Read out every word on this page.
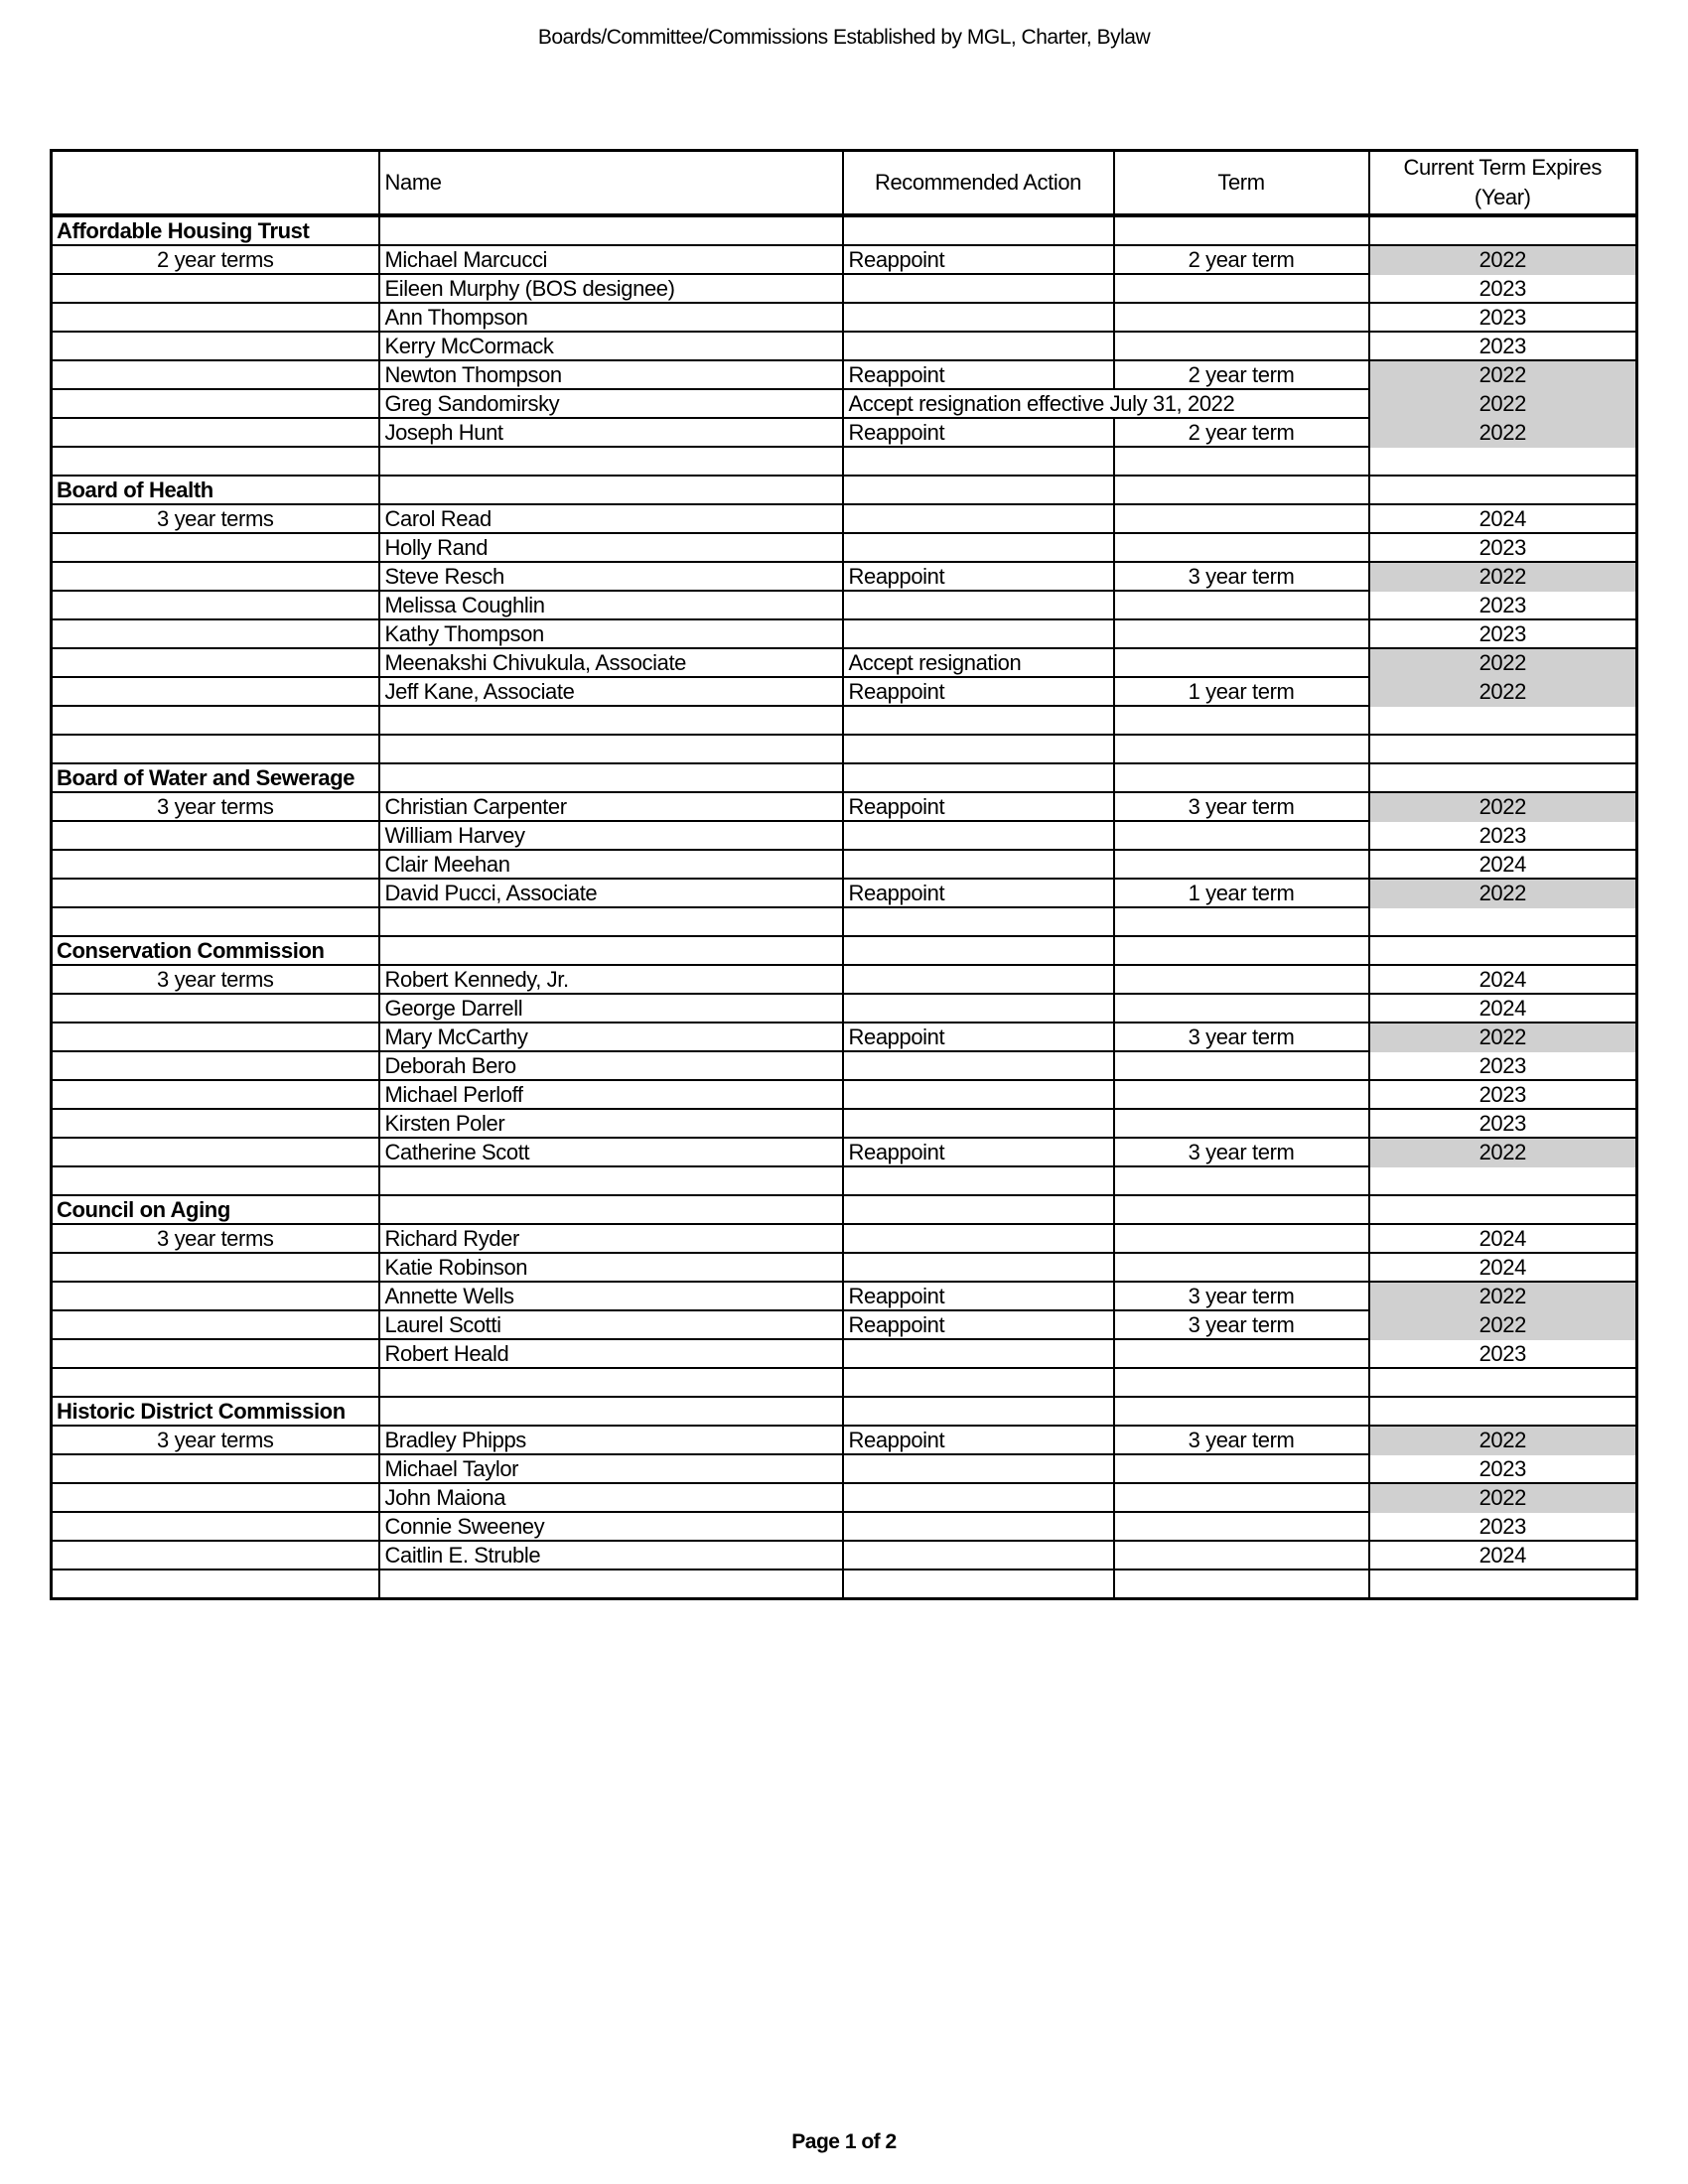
Boards/Committee/Commissions Established by MGL, Charter, Bylaw
	Name	Recommended Action	Term	Current Term Expires (Year)
Affordable Housing Trust				
2 year terms	Michael Marcucci	Reappoint	2 year term	2022
	Eileen Murphy (BOS designee)			2023
	Ann Thompson			2023
	Kerry McCormack			2023
	Newton Thompson	Reappoint	2 year term	2022
	Greg Sandomirsky	Accept resignation effective July 31, 2022		2022
	Joseph Hunt	Reappoint	2 year term	2022

Board of Health				
3 year terms	Carol Read			2024
	Holly Rand			2023
	Steve Resch	Reappoint	3 year term	2022
	Melissa Coughlin			2023
	Kathy Thompson			2023
	Meenakshi Chivukula, Associate	Accept resignation		2022
	Jeff Kane, Associate	Reappoint	1 year term	2022

Board of Water and Sewerage				
3 year terms	Christian Carpenter	Reappoint	3 year term	2022
	William Harvey			2023
	Clair Meehan			2024
	David Pucci, Associate	Reappoint	1 year term	2022

Conservation Commission				
3 year terms	Robert Kennedy, Jr.			2024
	George Darrell			2024
	Mary McCarthy	Reappoint	3 year term	2022
	Deborah Bero			2023
	Michael Perloff			2023
	Kirsten Poler			2023
	Catherine Scott	Reappoint	3 year term	2022

Council on Aging				
3 year terms	Richard Ryder			2024
	Katie Robinson			2024
	Annette Wells	Reappoint	3 year term	2022
	Laurel Scotti	Reappoint	3 year term	2022
	Robert Heald			2023

Historic District Commission				
3 year terms	Bradley Phipps	Reappoint	3 year term	2022
	Michael Taylor			2023
	John Maiona			2022
	Connie Sweeney			2023
	Caitlin E. Struble			2024

Page 1 of 2
